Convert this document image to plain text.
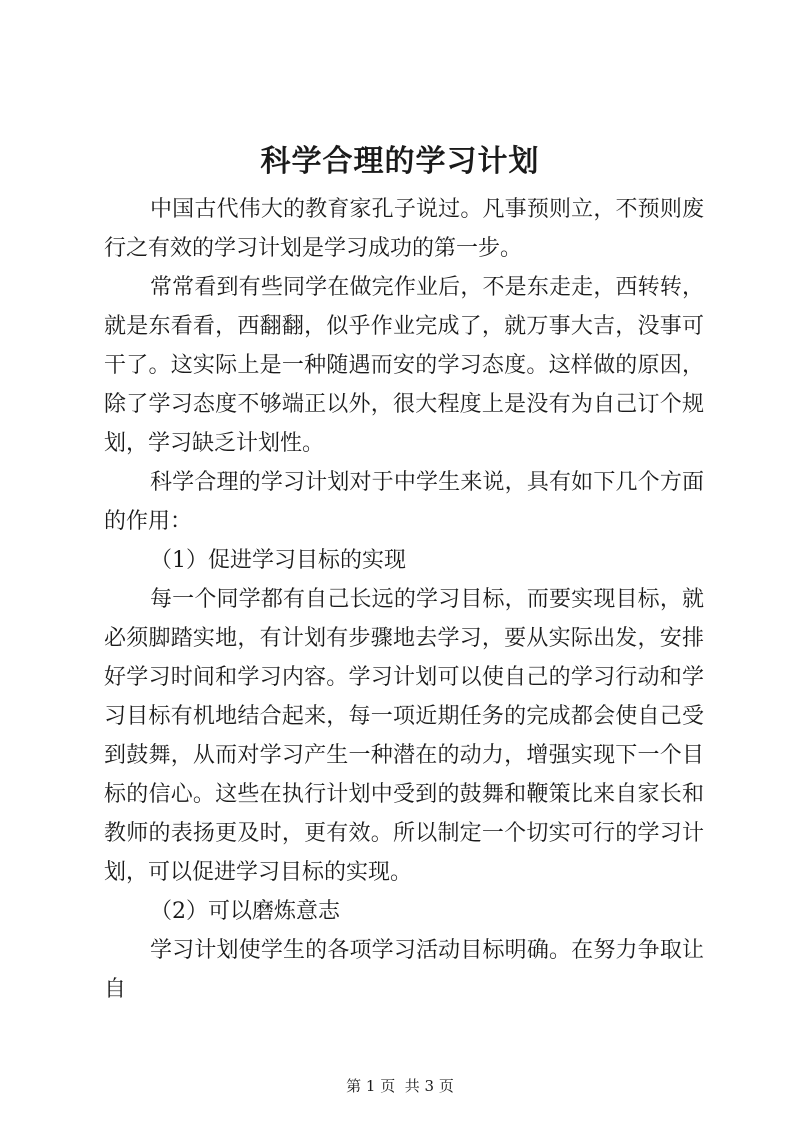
科学合理的学习计划

中国古代伟大的教育家孔子说过。凡事预则立，不预则废行之有效的学习计划是学习成功的第一步。

常常看到有些同学在做完作业后，不是东走走，西转转，就是东看看，西翻翻，似乎作业完成了，就万事大吉，没事可干了。这实际上是一种随遇而安的学习态度。这样做的原因，除了学习态度不够端正以外，很大程度上是没有为自己订个规划，学习缺乏计划性。

科学合理的学习计划对于中学生来说，具有如下几个方面的作用：

（1）促进学习目标的实现

每一个同学都有自己长远的学习目标，而要实现目标，就必须脚踏实地，有计划有步骤地去学习，要从实际出发，安排好学习时间和学习内容。学习计划可以使自己的学习行动和学习目标有机地结合起来，每一项近期任务的完成都会使自己受到鼓舞，从而对学习产生一种潜在的动力，增强实现下一个目标的信心。这些在执行计划中受到的鼓舞和鞭策比来自家长和教师的表扬更及时，更有效。所以制定一个切实可行的学习计划，可以促进学习目标的实现。

（2）可以磨炼意志

学习计划使学生的各项学习活动目标明确。在努力争取让自

第 1 页  共 3 页
